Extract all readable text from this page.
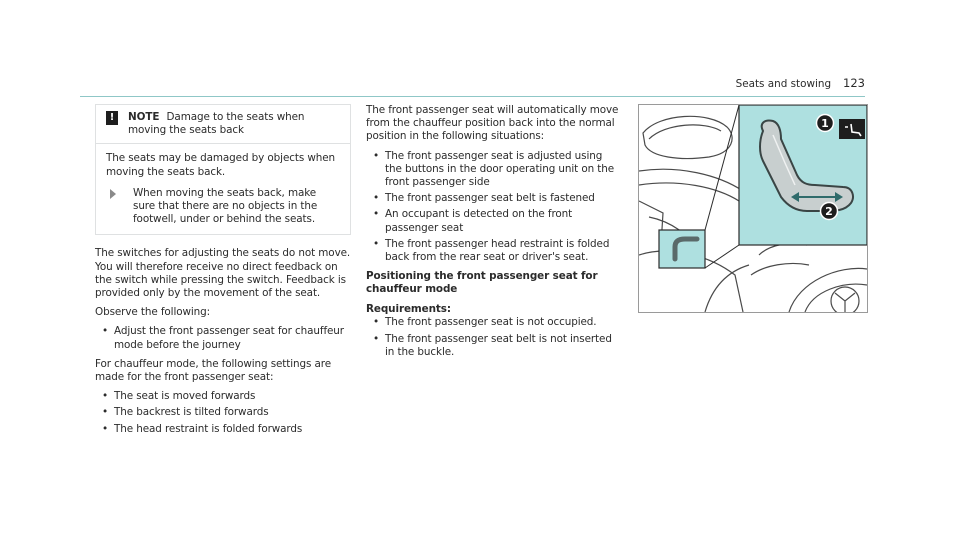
Seats and stowing 123
!	NOTE Damage to the seats when moving the seats back

The seats may be damaged by objects when moving the seats back.

When moving the seats back, make sure that there are no objects in the footwell, under or behind the seats.

The switches for adjusting the seats do not move. You will therefore receive no direct feedback on the switch while pressing the switch. Feedback is provided only by the movement of the seat.

Observe the following:

• Adjust the front passenger seat for chauffeur mode before the journey

For chauffeur mode, the following settings are made for the front passenger seat:

• The seat is moved forwards
• The backrest is tilted forwards
• The head restraint is folded forwards

The front passenger seat will automatically move from the chauffeur position back into the normal position in the following situations:

• The front passenger seat is adjusted using the buttons in the door operating unit on the front passenger side
• The front passenger seat belt is fastened
• An occupant is detected on the front passenger seat
• The front passenger head restraint is folded back from the rear seat or driver's seat.
Positioning the front passenger seat for chauffeur mode

Requirements:

• The front passenger seat is not occupied.
• The front passenger seat belt is not inserted in the buckle.
1
2
